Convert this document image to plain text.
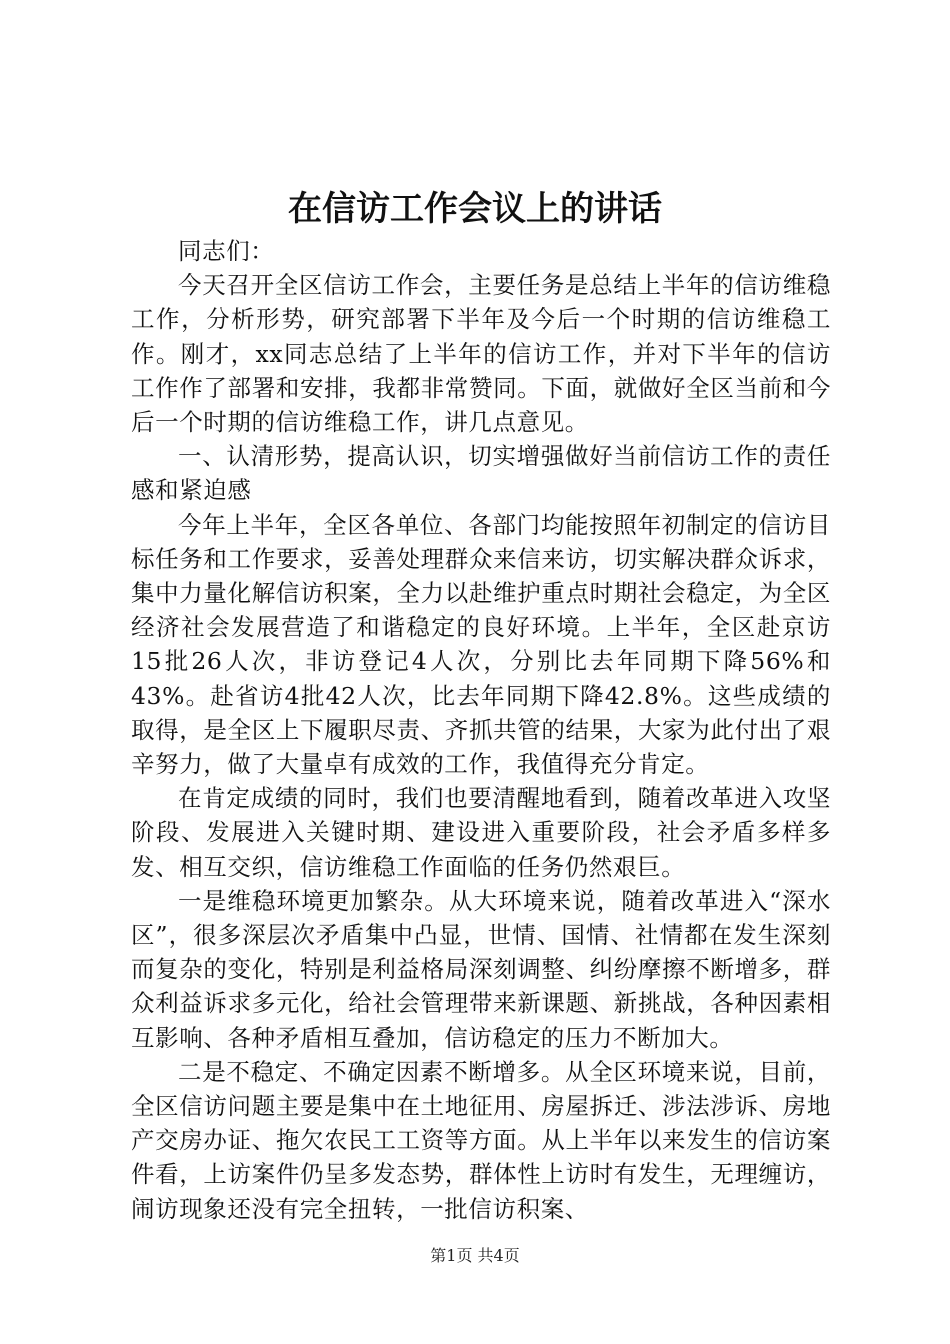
在信访工作会议上的讲话

同志们：

今天召开全区信访工作会，主要任务是总结上半年的信访维稳工作，分析形势，研究部署下半年及今后一个时期的信访维稳工作。刚才，xx同志总结了上半年的信访工作，并对下半年的信访工作作了部署和安排，我都非常赞同。下面，就做好全区当前和今后一个时期的信访维稳工作，讲几点意见。

一、认清形势，提高认识，切实增强做好当前信访工作的责任感和紧迫感

今年上半年，全区各单位、各部门均能按照年初制定的信访目标任务和工作要求，妥善处理群众来信来访，切实解决群众诉求，集中力量化解信访积案，全力以赴维护重点时期社会稳定，为全区经济社会发展营造了和谐稳定的良好环境。上半年，全区赴京访15批26人次，非访登记4人次，分别比去年同期下降56%和43%。赴省访4批42人次，比去年同期下降42.8%。这些成绩的取得，是全区上下履职尽责、齐抓共管的结果，大家为此付出了艰辛努力，做了大量卓有成效的工作，我值得充分肯定。

在肯定成绩的同时，我们也要清醒地看到，随着改革进入攻坚阶段、发展进入关键时期、建设进入重要阶段，社会矛盾多样多发、相互交织，信访维稳工作面临的任务仍然艰巨。

一是维稳环境更加繁杂。从大环境来说，随着改革进入“深水区”，很多深层次矛盾集中凸显，世情、国情、社情都在发生深刻而复杂的变化，特别是利益格局深刻调整、纠纷摩擦不断增多，群众利益诉求多元化，给社会管理带来新课题、新挑战，各种因素相互影响、各种矛盾相互叠加，信访稳定的压力不断加大。

二是不稳定、不确定因素不断增多。从全区环境来说，目前，全区信访问题主要是集中在土地征用、房屋拆迁、涉法涉诉、房地产交房办证、拖欠农民工工资等方面。从上半年以来发生的信访案件看，上访案件仍呈多发态势，群体性上访时有发生，无理缠访，闹访现象还没有完全扭转，一批信访积案、

第1页 共4页
